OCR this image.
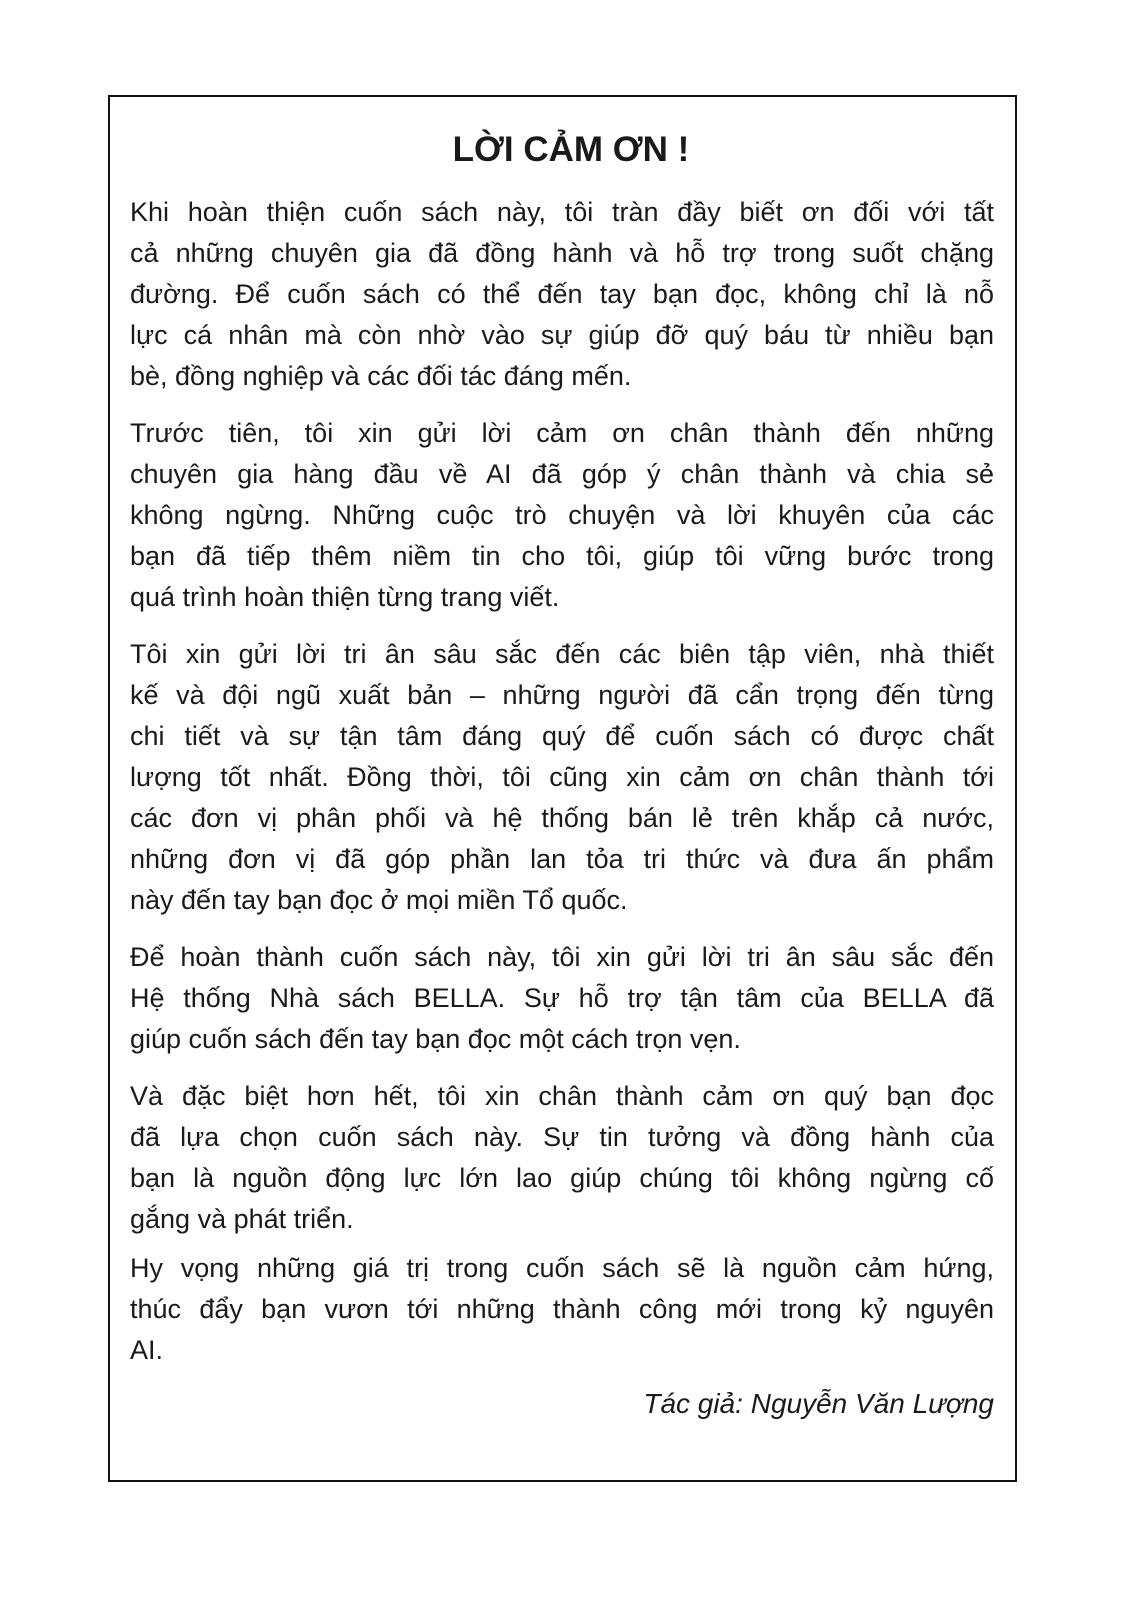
LỜI CẢM ƠN !
Khi hoàn thiện cuốn sách này, tôi tràn đầy biết ơn đối với tất
cả những chuyên gia đã đồng hành và hỗ trợ trong suốt chặng
đường. Để cuốn sách có thể đến tay bạn đọc, không chỉ là nỗ
lực cá nhân mà còn nhờ vào sự giúp đỡ quý báu từ nhiều bạn
bè, đồng nghiệp và các đối tác đáng mến.
Trước tiên, tôi xin gửi lời cảm ơn chân thành đến những
chuyên gia hàng đầu về AI đã góp ý chân thành và chia sẻ
không ngừng. Những cuộc trò chuyện và lời khuyên của các
bạn đã tiếp thêm niềm tin cho tôi, giúp tôi vững bước trong
quá trình hoàn thiện từng trang viết.
Tôi xin gửi lời tri ân sâu sắc đến các biên tập viên, nhà thiết
kế và đội ngũ xuất bản – những người đã cẩn trọng đến từng
chi tiết và sự tận tâm đáng quý để cuốn sách có được chất
lượng tốt nhất. Đồng thời, tôi cũng xin cảm ơn chân thành tới
các đơn vị phân phối và hệ thống bán lẻ trên khắp cả nước,
những đơn vị đã góp phần lan tỏa tri thức và đưa ấn phẩm
này đến tay bạn đọc ở mọi miền Tổ quốc.
Để hoàn thành cuốn sách này, tôi xin gửi lời tri ân sâu sắc đến
Hệ thống Nhà sách BELLA. Sự hỗ trợ tận tâm của BELLA đã
giúp cuốn sách đến tay bạn đọc một cách trọn vẹn.
Và đặc biệt hơn hết, tôi xin chân thành cảm ơn quý bạn đọc
đã lựa chọn cuốn sách này. Sự tin tưởng và đồng hành của
bạn là nguồn động lực lớn lao giúp chúng tôi không ngừng cố
gắng và phát triển.
Hy vọng những giá trị trong cuốn sách sẽ là nguồn cảm hứng,
thúc đẩy bạn vươn tới những thành công mới trong kỷ nguyên
AI.
Tác giả: Nguyễn Văn Lượng
